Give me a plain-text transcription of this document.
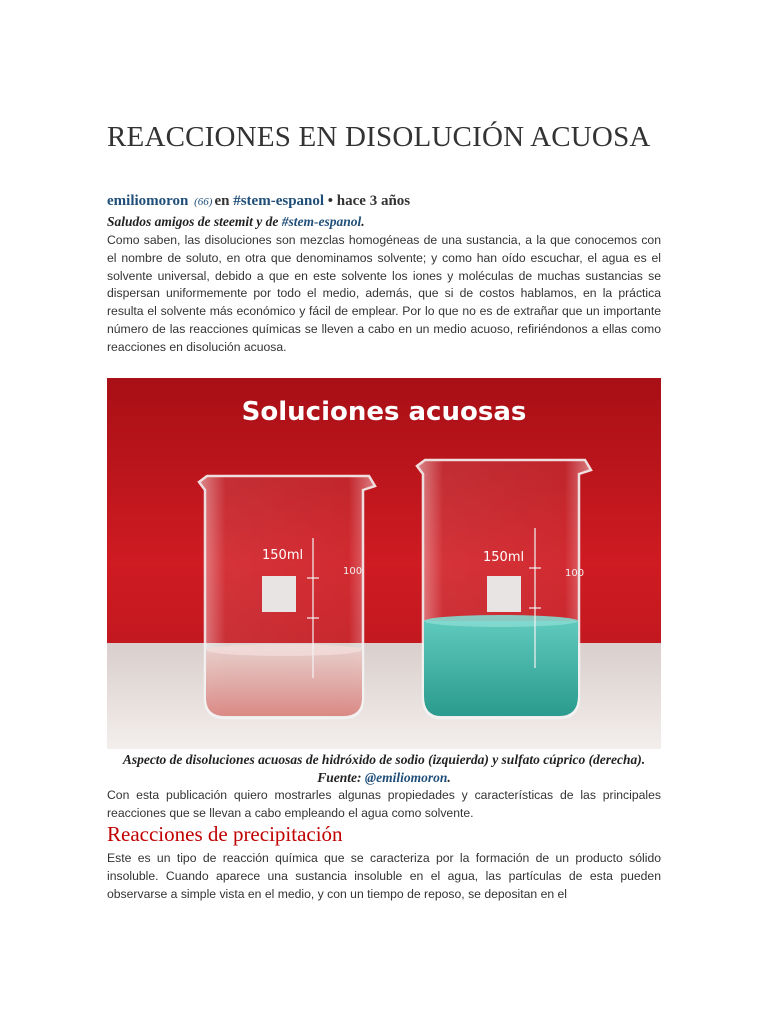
REACCIONES EN DISOLUCIÓN ACUOSA
emiliomoron (66) en #stem-espanol • hace 3 años
Saludos amigos de steemit y de #stem-espanol.
Como saben, las disoluciones son mezclas homogéneas de una sustancia, a la que conocemos con el nombre de soluto, en otra que denominamos solvente; y como han oído escuchar, el agua es el solvente universal, debido a que en este solvente los iones y moléculas de muchas sustancias se dispersan uniformemente por todo el medio, además, que si de costos hablamos, en la práctica resulta el solvente más económico y fácil de emplear. Por lo que no es de extrañar que un importante número de las reacciones químicas se lleven a cabo en un medio acuoso, refiriéndonos a ellas como reacciones en disolución acuosa.
Soluciones acuosas
150ml
100
150ml
100
Aspecto de disoluciones acuosas de hidróxido de sodio (izquierda) y sulfato cúprico (derecha). Fuente: @emiliomoron.
Con esta publicación quiero mostrarles algunas propiedades y características de las principales reacciones que se llevan a cabo empleando el agua como solvente.
Reacciones de precipitación
Este es un tipo de reacción química que se caracteriza por la formación de un producto sólido insoluble. Cuando aparece una sustancia insoluble en el agua, las partículas de esta pueden observarse a simple vista en el medio, y con un tiempo de reposo, se depositan en el
